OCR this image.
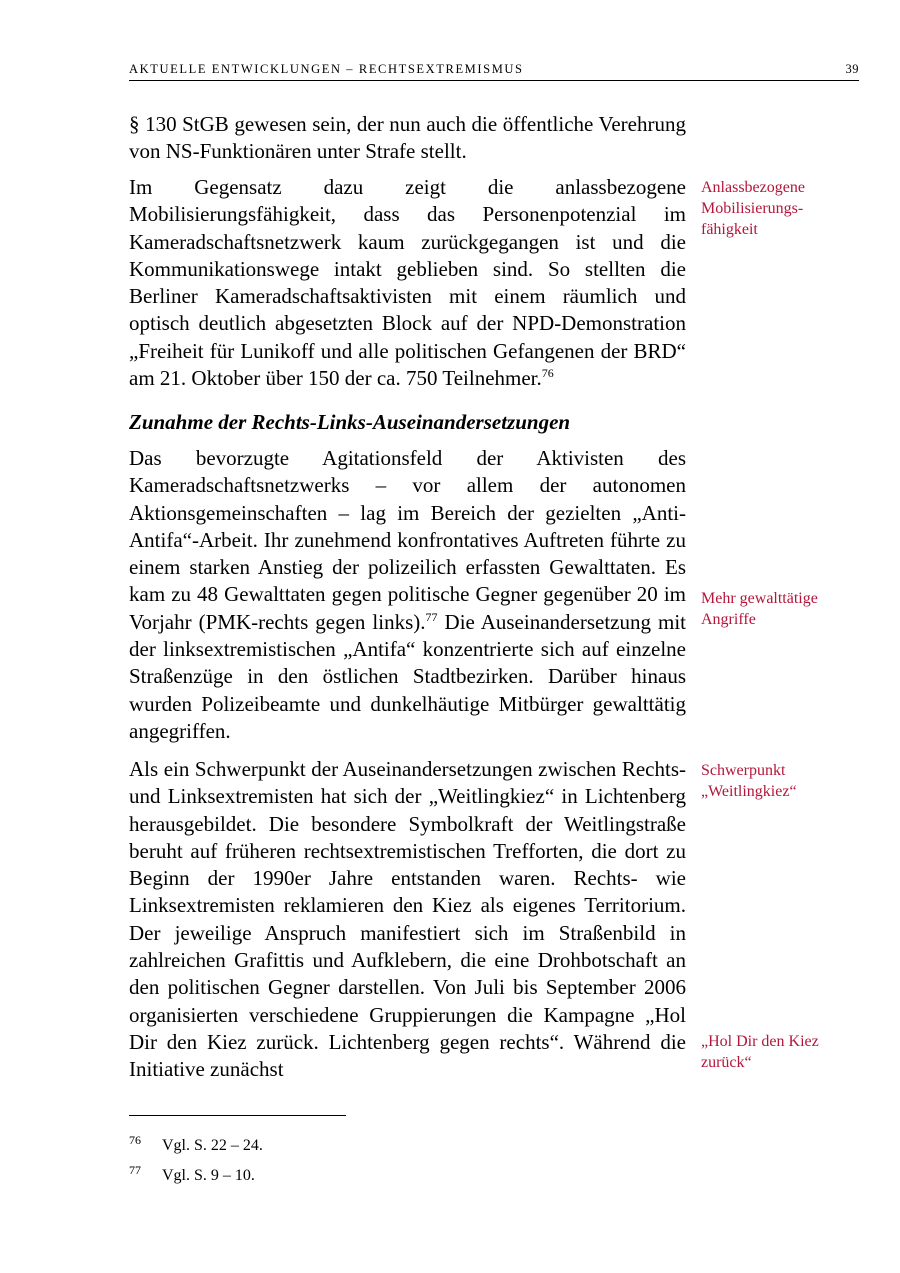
AKTUELLE ENTWICKLUNGEN – RECHTSEXTREMISMUS	39

§ 130 StGB gewesen sein, der nun auch die öffentliche Verehrung von NS-Funktionären unter Strafe stellt.

Im Gegensatz dazu zeigt die anlassbezogene Mobilisierungsfähigkeit, dass das Personenpotenzial im Kameradschaftsnetzwerk kaum zurückgegangen ist und die Kommunikationswege intakt geblieben sind. So stellten die Berliner Kameradschaftsaktivisten mit einem räumlich und optisch deutlich abgesetzten Block auf der NPD-Demonstration „Freiheit für Lunikoff und alle politischen Gefangenen der BRD“ am 21. Oktober über 150 der ca. 750 Teilnehmer.$^{76}$

Anlassbezogene Mobilisierungs-fähigkeit

Zunahme der Rechts-Links-Auseinandersetzungen

Das bevorzugte Agitationsfeld der Aktivisten des Kameradschaftsnetzwerks – vor allem der autonomen Aktionsgemeinschaften – lag im Bereich der gezielten „Anti-Antifa“-Arbeit. Ihr zunehmend konfrontatives Auftreten führte zu einem starken Anstieg der polizeilich erfassten Gewalttaten. Es kam zu 48 Gewalttaten gegen politische Gegner gegenüber 20 im Vorjahr (PMK-rechts gegen links).$^{77}$ Die Auseinandersetzung mit der linksextremistischen „Antifa“ konzentrierte sich auf einzelne Straßenzüge in den östlichen Stadtbezirken. Darüber hinaus wurden Polizeibeamte und dunkelhäutige Mitbürger gewalttätig angegriffen.

Mehr gewalttätige Angriffe

Als ein Schwerpunkt der Auseinandersetzungen zwischen Rechts- und Linksextremisten hat sich der „Weitlingkiez“ in Lichtenberg herausgebildet. Die besondere Symbolkraft der Weitlingstraße beruht auf früheren rechtsextremistischen Trefforten, die dort zu Beginn der 1990er Jahre entstanden waren. Rechts- wie Linksextremisten reklamieren den Kiez als eigenes Territorium. Der jeweilige Anspruch manifestiert sich im Straßenbild in zahlreichen Grafittis und Aufklebern, die eine Drohbotschaft an den politischen Gegner darstellen. Von Juli bis September 2006 organisierten verschiedene Gruppierungen die Kampagne „Hol Dir den Kiez zurück. Lichtenberg gegen rechts“. Während die Initiative zunächst

Schwerpunkt „Weitlingkiez“
„Hol Dir den Kiez zurück“
76 Vgl. S. 22 – 24.
77 Vgl. S. 9 – 10.
